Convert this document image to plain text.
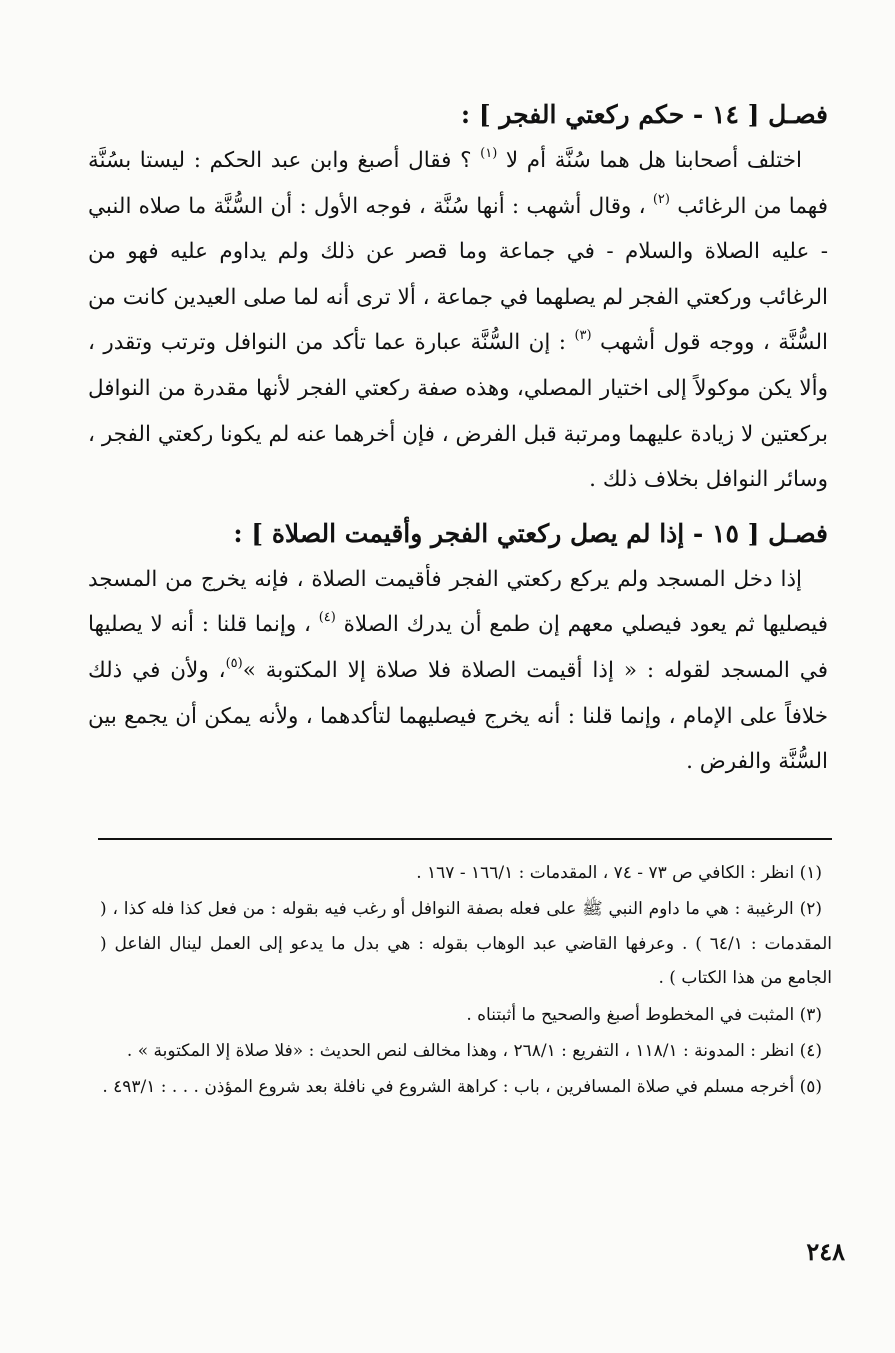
فصـل [ ١٤ - حكم ركعتي الفجر ] :

اختلف أصحابنا هل هما سُنَّة أم لا $^{(١)}$ ؟ فقال أصبغ وابن عبد الحكم : ليستا بسُنَّة فهما من الرغائب $^{(٢)}$ ، وقال أشهب : أنها سُنَّة ، فوجه الأول : أن السُّنَّة ما صلاه النبي - عليه الصلاة والسلام - في جماعة وما قصر عن ذلك ولم يداوم عليه فهو من الرغائب وركعتي الفجر لم يصلهما في جماعة ، ألا ترى أنه لما صلى العيدين كانت من السُّنَّة ، ووجه قول أشهب $^{(٣)}$ : إن السُّنَّة عبارة عما تأكد من النوافل وترتب وتقدر ، وألا يكن موكولاً إلى اختيار المصلي، وهذه صفة ركعتي الفجر لأنها مقدرة من النوافل بركعتين لا زيادة عليهما ومرتبة قبل الفرض ، فإن أخرهما عنه لم يكونا ركعتي الفجر ، وسائر النوافل بخلاف ذلك .

فصـل [ ١٥ - إذا لم يصل ركعتي الفجر وأقيمت الصلاة ] :

إذا دخل المسجد ولم يركع ركعتي الفجر فأقيمت الصلاة ، فإنه يخرج من المسجد فيصليها ثم يعود فيصلي معهم إن طمع أن يدرك الصلاة $^{(٤)}$ ، وإنما قلنا : أنه لا يصليها في المسجد لقوله : « إذا أقيمت الصلاة فلا صلاة إلا المكتوبة »$^{(٥)}$، ولأن في ذلك خلافاً على الإمام ، وإنما قلنا : أنه يخرج فيصليهما لتأكدهما ، ولأنه يمكن أن يجمع بين السُّنَّة والفرض .

(١) انظر : الكافي ص ٧٣ - ٧٤ ، المقدمات : ١٦٦/١ - ١٦٧ .

(٢) الرغيبة : هي ما داوم النبي ﷺ على فعله بصفة النوافل أو رغب فيه بقوله : من فعل كذا فله كذا ، ( المقدمات : ٦٤/١ ) . وعرفها القاضي عبد الوهاب بقوله : هي بدل ما يدعو إلى العمل لينال الفاعل ( الجامع من هذا الكتاب ) .

(٣) المثبت في المخطوط أصبغ والصحيح ما أثبتناه .

(٤) انظر : المدونة : ١١٨/١ ، التفريع : ٢٦٨/١ ، وهذا مخالف لنص الحديث : «فلا صلاة إلا المكتوبة » .

(٥) أخرجه مسلم في صلاة المسافرين ، باب : كراهة الشروع في نافلة بعد شروع المؤذن . . . : ٤٩٣/١ .

٢٤٨
